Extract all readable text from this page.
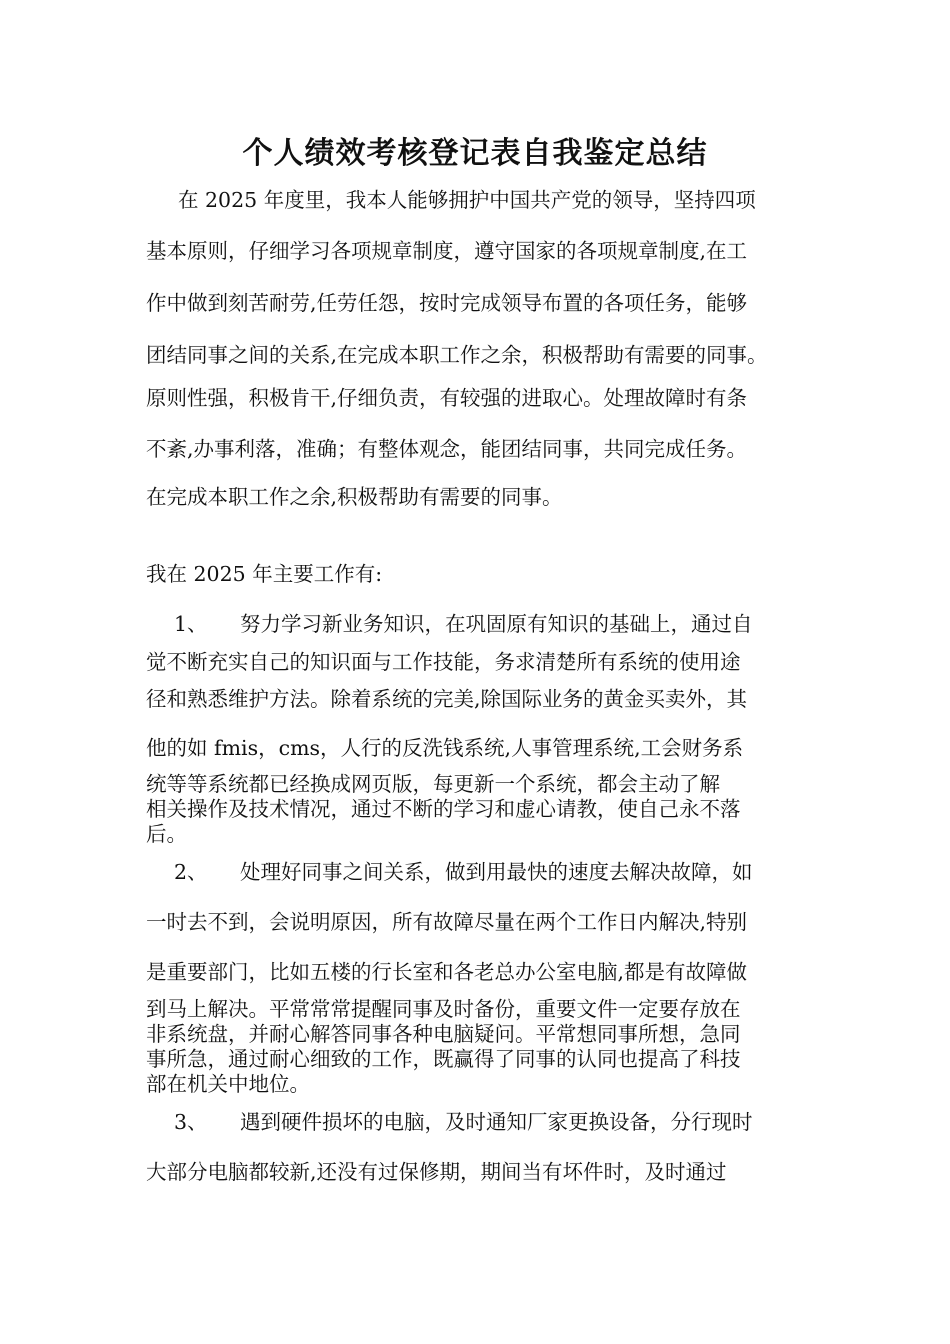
个人绩效考核登记表自我鉴定总结

在 2025 年度里，我本人能够拥护中国共产党的领导，坚持四项

基本原则，仔细学习各项规章制度，遵守国家的各项规章制度,在工

作中做到刻苦耐劳,任劳任怨，按时完成领导布置的各项任务，能够

团结同事之间的关系,在完成本职工作之余，积极帮助有需要的同事。

原则性强，积极肯干,仔细负责，有较强的进取心。处理故障时有条

不紊,办事利落，准确；有整体观念，能团结同事，共同完成任务。

在完成本职工作之余,积极帮助有需要的同事。

我在 2025 年主要工作有:

1、 努力学习新业务知识，在巩固原有知识的基础上，通过自

觉不断充实自己的知识面与工作技能，务求清楚所有系统的使用途

径和熟悉维护方法。除着系统的完美,除国际业务的黄金买卖外，其

他的如 fmis，cms，人行的反洗钱系统,人事管理系统,工会财务系

统等等系统都已经换成网页版，每更新一个系统，都会主动了解

相关操作及技术情况，通过不断的学习和虚心请教，使自己永不落

后。

2、 处理好同事之间关系，做到用最快的速度去解决故障，如

一时去不到，会说明原因，所有故障尽量在两个工作日内解决,特别

是重要部门，比如五楼的行长室和各老总办公室电脑,都是有故障做

到马上解决。平常常常提醒同事及时备份，重要文件一定要存放在

非系统盘，并耐心解答同事各种电脑疑问。平常想同事所想，急同

事所急，通过耐心细致的工作，既赢得了同事的认同也提高了科技

部在机关中地位。

3、 遇到硬件损坏的电脑，及时通知厂家更换设备，分行现时

大部分电脑都较新,还没有过保修期，期间当有坏件时，及时通过
